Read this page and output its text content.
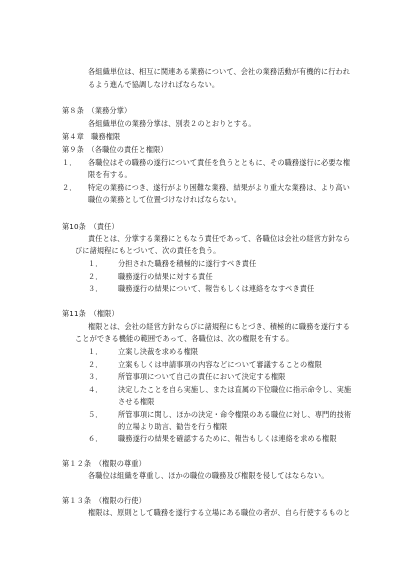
各組織単位は、相互に関連ある業務について、会社の業務活動が有機的に行われ
るよう進んで協調しなければならない。
第８条　（業務分掌）
各組織単位の業務分掌は、別表２のとおりとする。
第４章　職務権限
第９条　（各職位の責任と権限）
１． 各職位はその職務の遂行について責任を負うとともに、その職務遂行に必要な権
限を有する。
２． 特定の業務につき、遂行がより困難な業務、結果がより重大な業務は、より高い
職位の業務として位置づけなければならない。
第10条　（責任）
責任とは、分掌する業務にともなう責任であって、各職位は会社の経営方針なら
びに諸規程にもとづいて、次の責任を負う。
１． 分担された職務を積極的に遂行すべき責任
２． 職務遂行の結果に対する責任
３． 職務遂行の結果について、報告もしくは連絡をなすべき責任
第11条　（権限）
権限とは、会社の経営方針ならびに諸規程にもとづき、積極的に職務を遂行する
ことができる機能の範囲であって、各職位は、次の権限を有する。
１． 立案し決裁を求める権限
２． 立案もしくは申請事項の内容などについて審議することの権限
３． 所管事項について自己の責任において決定する権限
４． 決定したことを自ら実施し、または直属の下位職位に指示命令し、実施
させる権限
５． 所管事項に関し、ほかの決定・命令権限のある職位に対し、専門的技術
的立場より助言、勧告を行う権限
６． 職務遂行の結果を確認するために、報告もしくは連絡を求める権限
第１２条　（権限の尊重）
各職位は組織を尊重し、ほかの職位の職務及び権限を侵してはならない。
第１３条　（権限の行使）
権限は、原則として職務を遂行する立場にある職位の者が、自ら行使するものと
